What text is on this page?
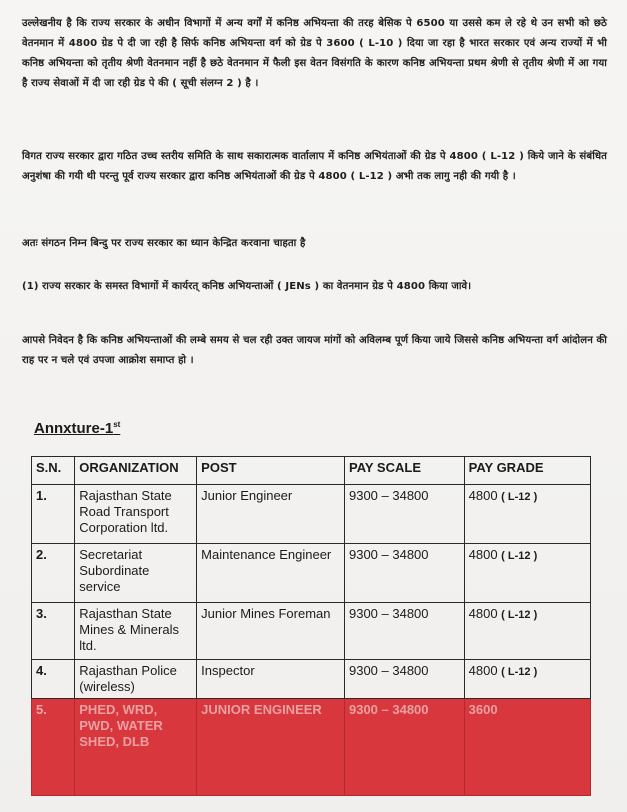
उल्लेखनीय है कि राज्य सरकार के अधीन विभागों में अन्य वर्गों में कनिष्ठ अभियन्ता की तरह बेसिक पे 6500 या उससे कम ले रहे थे उन सभी को छठे वेतनमान में 4800 ग्रेड पे दी जा रही है सिर्फ कनिष्ठ अभियन्ता वर्ग को ग्रेड पे 3600 ( L-10 ) दिया जा रहा है भारत सरकार एवं अन्य राज्यों में भी कनिष्ठ अभियन्ता को तृतीय श्रेणी वेतनमान नहीं है छठे वेतनमान में फैली इस वेतन विसंगति के कारण कनिष्ठ अभियन्ता प्रथम श्रेणी से तृतीय श्रेणी में आ गया है राज्य सेवाओं में दी जा रही ग्रेड पे की ( सूची संलग्न 2 ) है ।

विगत राज्य सरकार द्वारा गठित उच्च स्तरीय समिति के साथ सकारात्मक वार्तालाप में कनिष्ठ अभियंताओं की ग्रेड पे 4800 ( L-12 ) किये जाने के संबंधित अनुशंषा की गयी थी परन्तु पूर्व राज्य सरकार द्वारा कनिष्ठ अभियंताओं की ग्रेड पे 4800 ( L-12 ) अभी तक लागु नही की गयी है ।

अतः संगठन निम्न बिन्दु पर राज्य सरकार का ध्यान केन्द्रित करवाना चाहता है

(1) राज्य सरकार के समस्त विभागों में कार्यरत् कनिष्ठ अभियन्ताओं ( JENs ) का वेतनमान ग्रेड पे 4800 किया जावे।

आपसे निवेदन है कि कनिष्ठ अभियन्ताओं की लम्बे समय से चल रही उक्त जायज मांगों को अविलम्ब पूर्ण किया जाये जिससे कनिष्ठ अभियन्ता वर्ग आंदोलन की राह पर न चले एवं उपजा आक्रोश समाप्त हो ।

Annxture-1st
S.N.	ORGANIZATION	POST	PAY SCALE	PAY GRADE
1.	Rajasthan State Road Transport Corporation ltd.	Junior Engineer	9300 – 34800	4800 ( L-12 )
2.	Secretariat Subordinate service	Maintenance Engineer	9300 – 34800	4800 ( L-12 )
3.	Rajasthan State Mines & Minerals ltd.	Junior Mines Foreman	9300 – 34800	4800 ( L-12 )
4.	Rajasthan Police (wireless)	Inspector	9300 – 34800	4800 ( L-12 )
5.	PHED, WRD, PWD, WATER SHED, DLB	JUNIOR ENGINEER	9300 – 34800	3600
